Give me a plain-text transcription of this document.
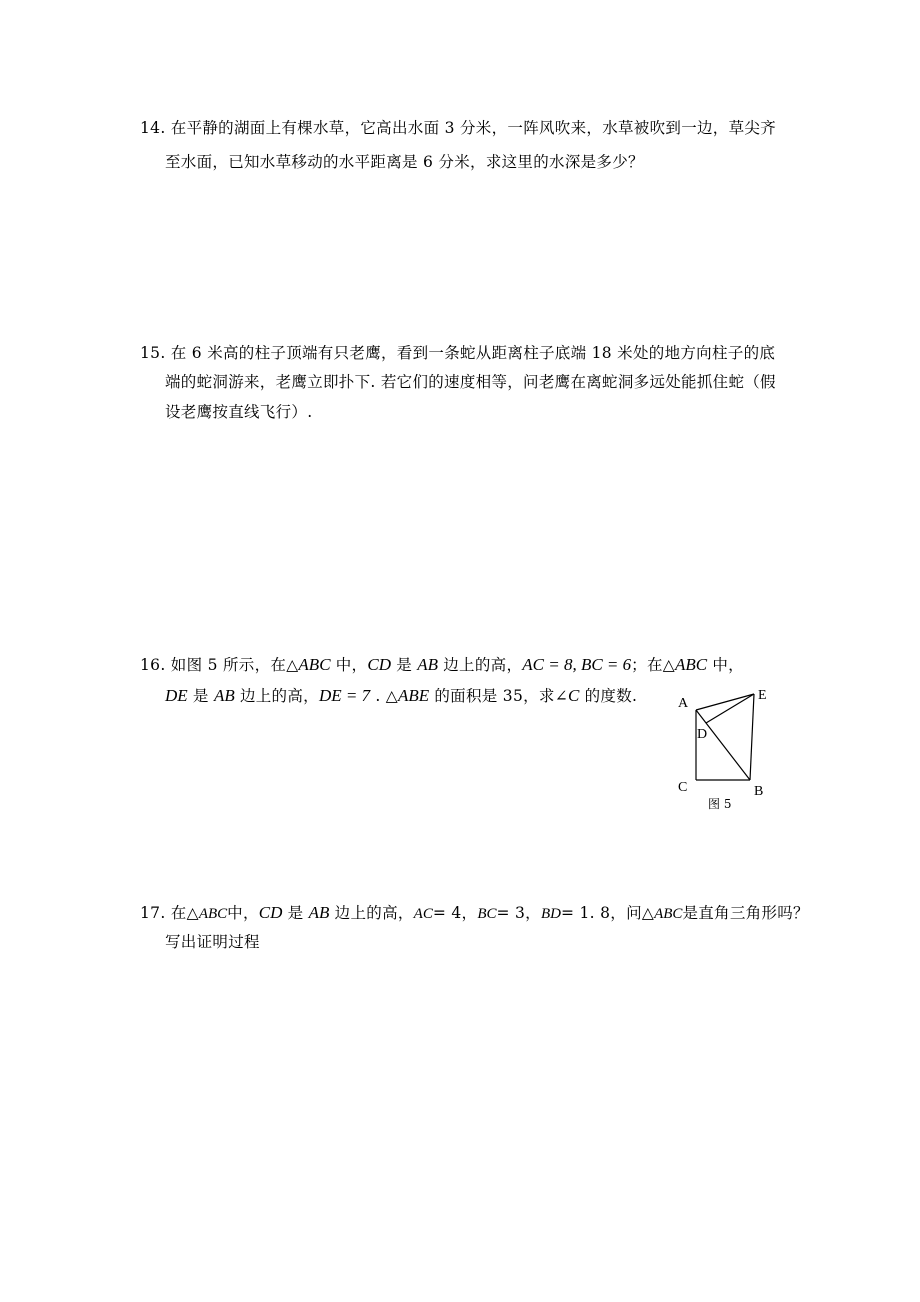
14. 在平静的湖面上有棵水草，它高出水面 3 分米，一阵风吹来，水草被吹到一边，草尖齐
至水面，已知水草移动的水平距离是 6 分米，求这里的水深是多少？
15. 在 6 米高的柱子顶端有只老鹰，看到一条蛇从距离柱子底端 18 米处的地方向柱子的底
端的蛇洞游来，老鹰立即扑下. 若它们的速度相等，问老鹰在离蛇洞多远处能抓住蛇（假
设老鹰按直线飞行）.
16. 如图 5 所示，在△ABC 中，CD 是 AB 边上的高，AC = 8, BC = 6；在△ABC 中，
DE 是 AB 边上的高，DE = 7 . △ABE 的面积是 35，求∠C 的度数.	A
E
D
C	B
图 5
17. 在△ABC中，CD 是 AB 边上的高，AC= 4，BC= 3，BD= 1. 8，问△ABC是直角三角形吗？
写出证明过程
